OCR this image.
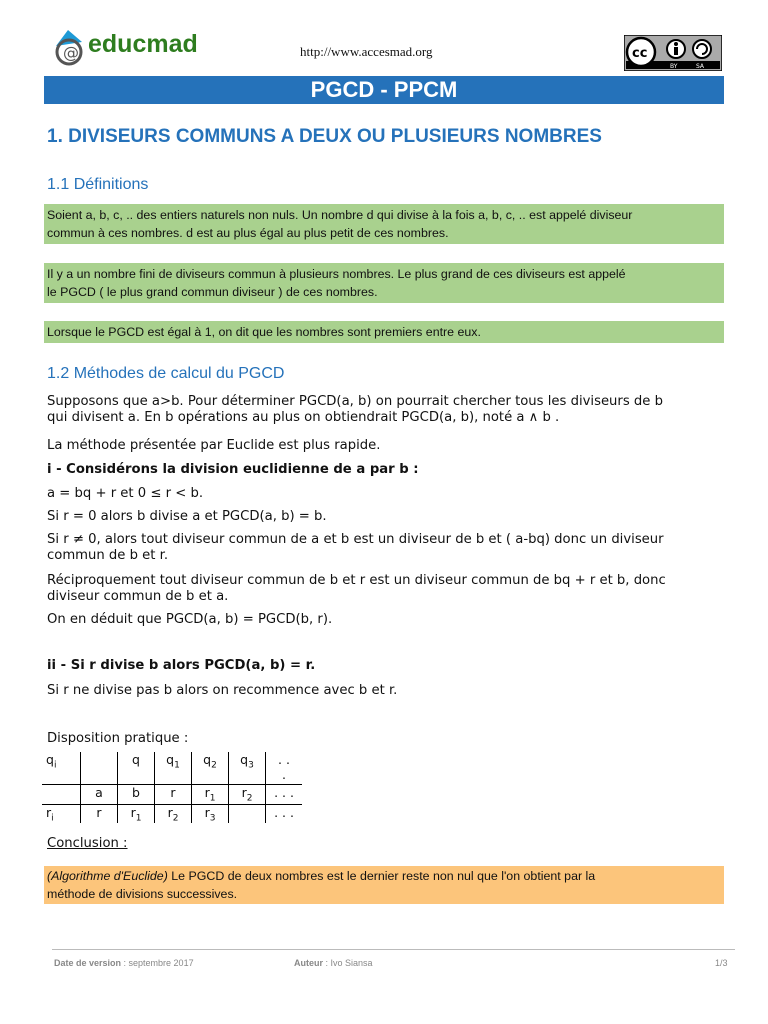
@ educmad	http://www.accesmad.org	cc
BY	SA
PGCD - PPCM
1. DIVISEURS COMMUNS A DEUX OU PLUSIEURS NOMBRES
1.1 Définitions
Soient a, b, c, .. des entiers naturels non nuls. Un nombre d qui divise à la fois a, b, c, .. est appelé diviseur
commun à ces nombres. d est au plus égal au plus petit de ces nombres.
Il y a un nombre fini de diviseurs commun à plusieurs nombres. Le plus grand de ces diviseurs est appelé
le PGCD ( le plus grand commun diviseur ) de ces nombres.
Lorsque le PGCD est égal à 1, on dit que les nombres sont premiers entre eux.
1.2 Méthodes de calcul du PGCD
Supposons que a>b. Pour déterminer PGCD(a, b) on pourrait chercher tous les diviseurs de b
qui divisent a. En b opérations au plus on obtiendrait PGCD(a, b), noté a ∧ b .
La méthode présentée par Euclide est plus rapide.
i - Considérons la division euclidienne de a par b :
a = bq + r et 0 ≤ r < b.
Si r = 0 alors b divise a et PGCD(a, b) = b.
Si r ≠ 0, alors tout diviseur commun de a et b est un diviseur de b et ( a-bq) donc un diviseur
commun de b et r.
Réciproquement tout diviseur commun de b et r est un diviseur commun de bq + r et b, donc
diviseur commun de b et a.
On en déduit que PGCD(a, b) = PGCD(b, r).
ii - Si r divise b alors PGCD(a, b) = r.
Si r ne divise pas b alors on recommence avec b et r.
Disposition pratique :
$q_i$		q	$q_1$	$q_2$	$q_3$	. .
.
	a	b	r	$r_1$	$r_2$	. . .
$r_i$	r	$r_1$	$r_2$	$r_3$		. . .
Conclusion :
(Algorithme d'Euclide) Le PGCD de deux nombres est le dernier reste non nul que l'on obtient par la
méthode de divisions successives.
Date de version : septembre 2017	Auteur : Ivo Siansa	1/3
